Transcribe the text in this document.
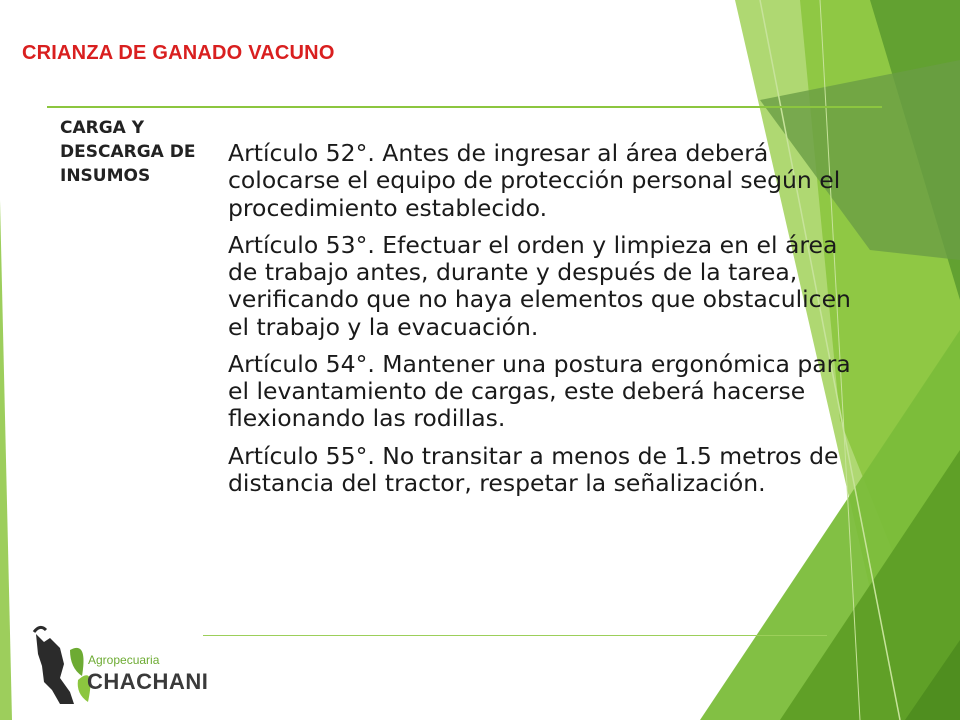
CRIANZA DE GANADO VACUNO
CARGA Y DESCARGA DE INSUMOS

Artículo 52°. Antes de ingresar al área deberá colocarse el equipo de protección personal según el procedimiento establecido.

Artículo 53°. Efectuar el orden y limpieza en el área de trabajo antes, durante y después de la tarea, verificando que no haya elementos que obstaculicen el trabajo y la evacuación.

Artículo 54°. Mantener una postura ergonómica para el levantamiento de cargas, este deberá hacerse flexionando las rodillas.

Artículo 55°. No transitar a menos de 1.5 metros de distancia del tractor, respetar la señalización.

Agropecuaria
CHACHANI
